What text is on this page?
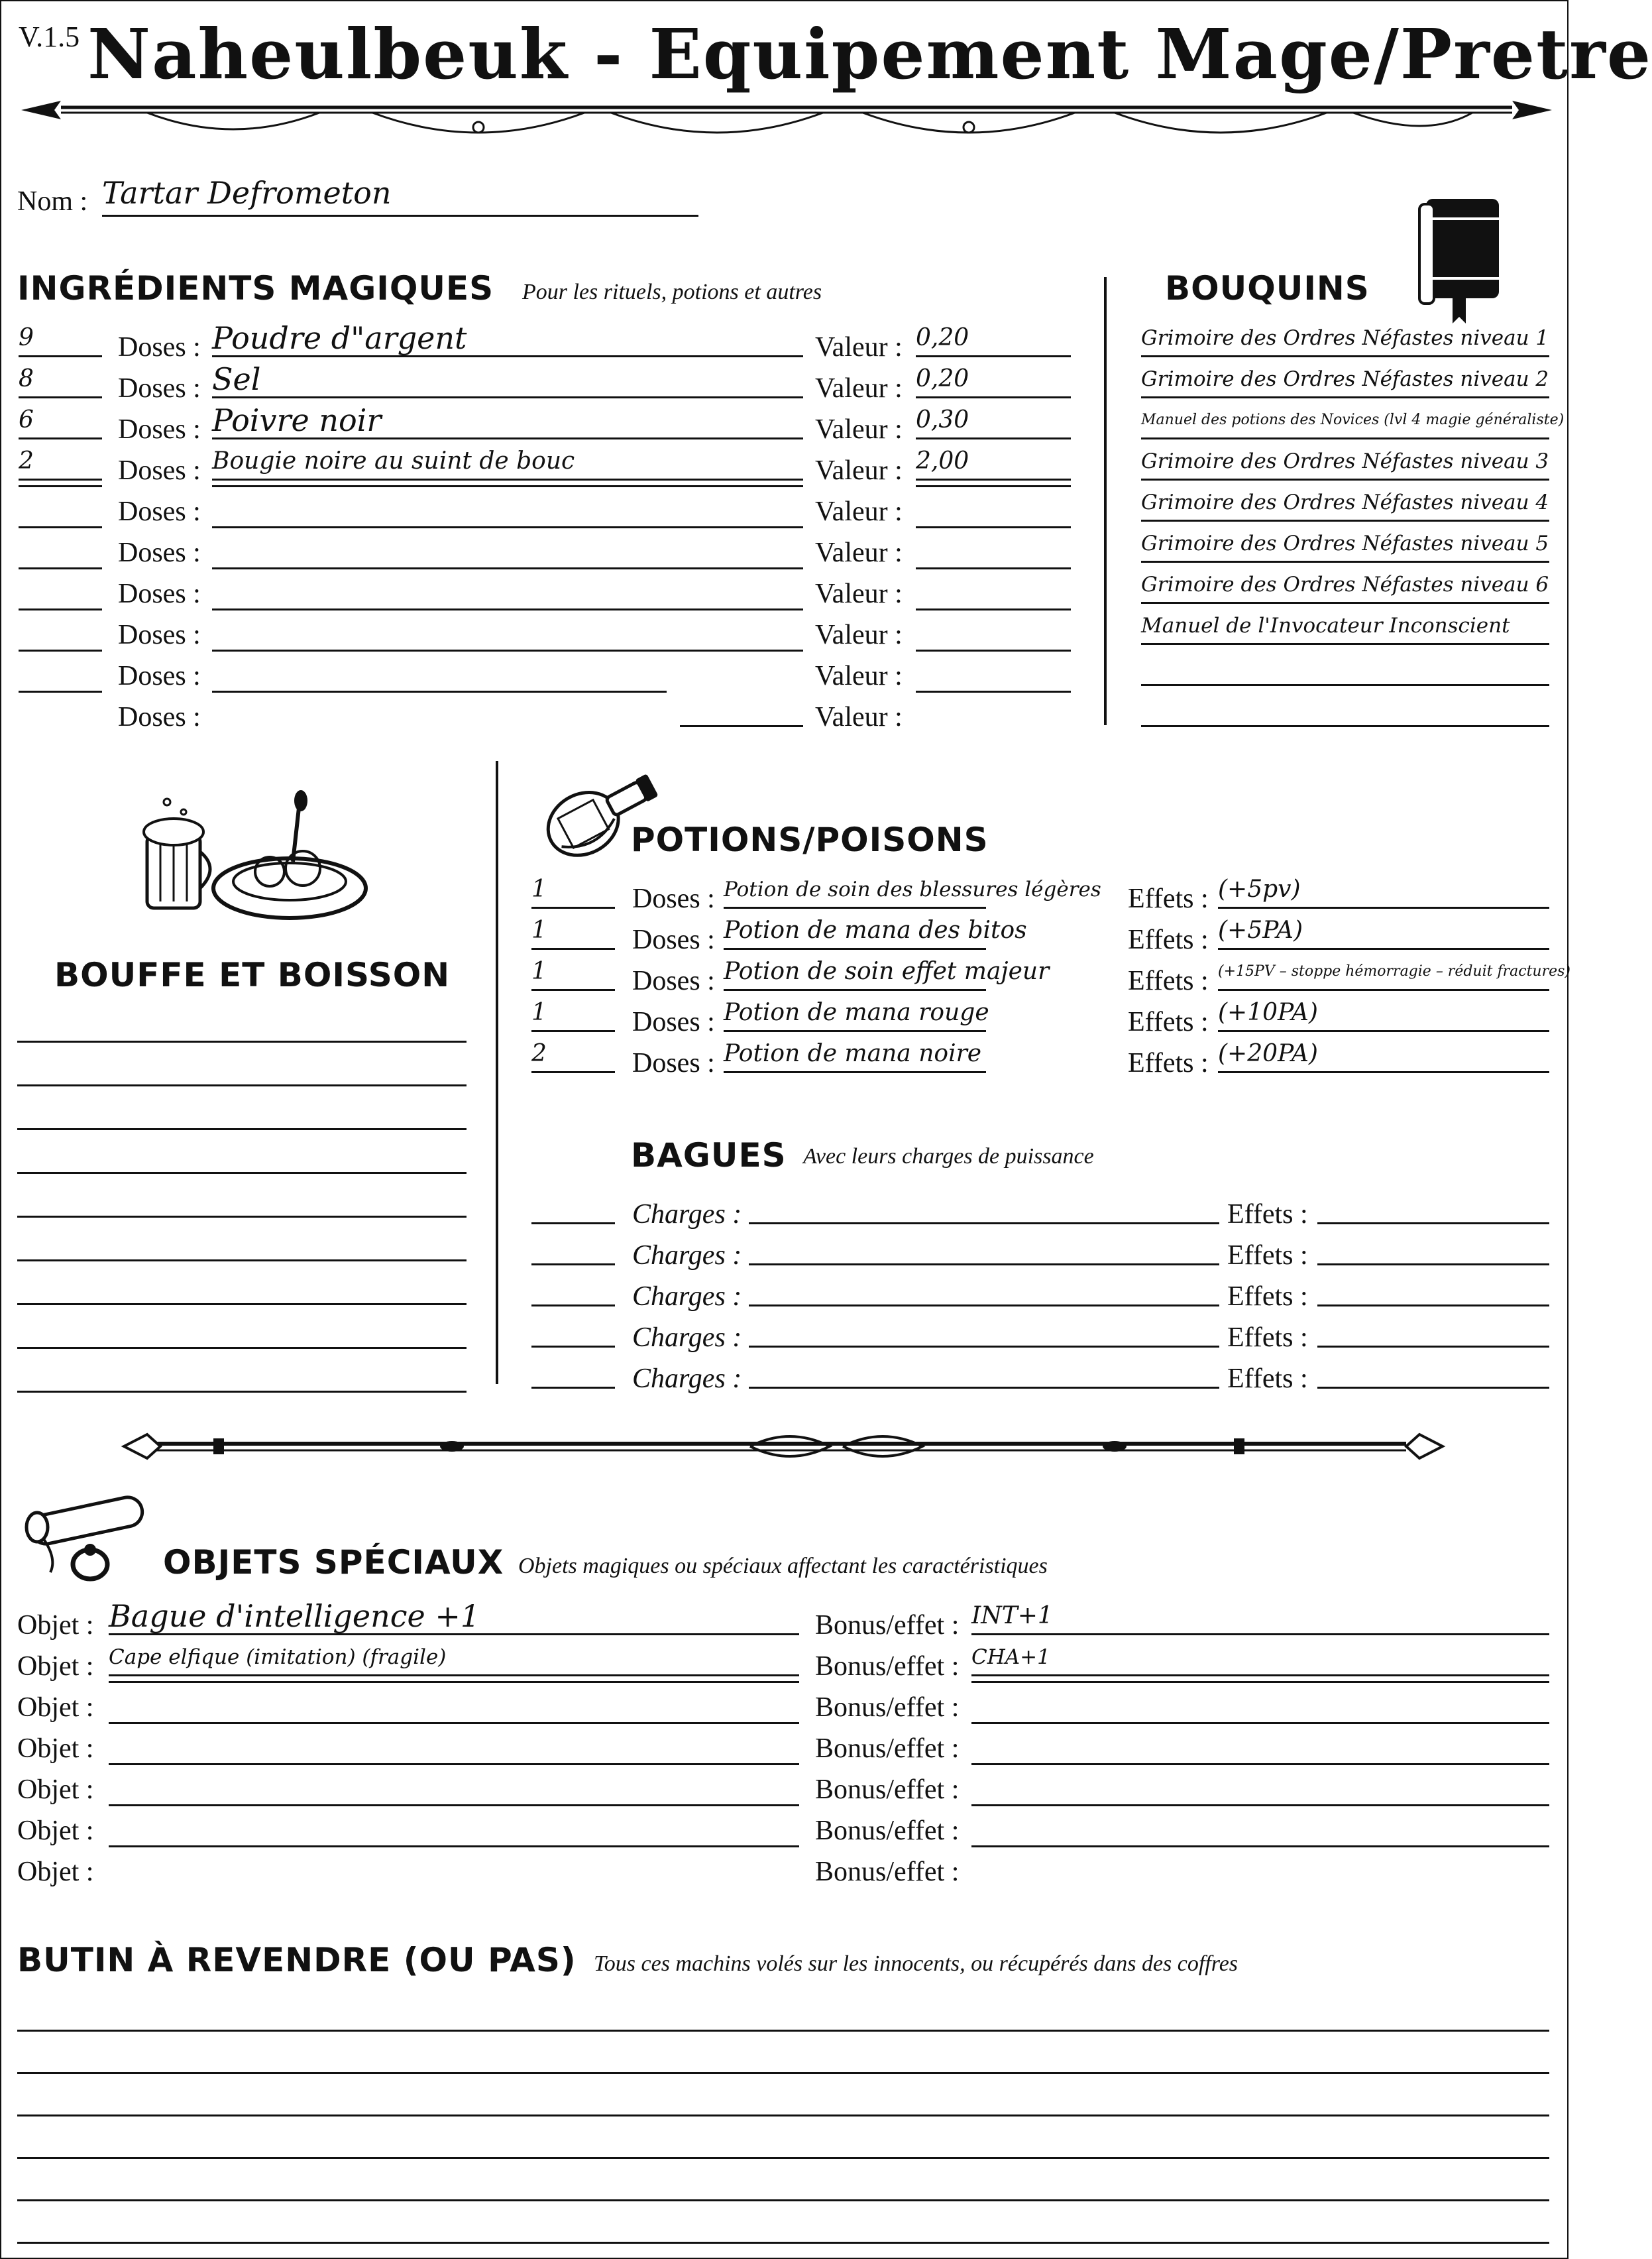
V.1.5 Naheulbeuk - Equipement Mage/Pretre
Nom : Tartar Defrometon
INGRÉDIENTS MAGIQUES Pour les rituels, potions et autres
9	Doses : Poudre d"argent	Valeur : 0,20
8	Doses : Sel	Valeur : 0,20
6	Doses : Poivre noir	Valeur : 0,30
2	Doses : Bougie noire au suint de bouc	Valeur : 2,00
Doses :	Valeur :
Doses :	Valeur :
Doses :	Valeur :
Doses :	Valeur :
Doses :	Valeur :
Doses :	Valeur :
BOUQUINS
Grimoire des Ordres Néfastes niveau 1
Grimoire des Ordres Néfastes niveau 2
Manuel des potions des Novices (lvl 4 magie généraliste)
Grimoire des Ordres Néfastes niveau 3
Grimoire des Ordres Néfastes niveau 4
Grimoire des Ordres Néfastes niveau 5
Grimoire des Ordres Néfastes niveau 6
Manuel de l'Invocateur Inconscient
BOUFFE ET BOISSON
POTIONS/POISONS
1	Doses : Potion de soin des blessures légères Effets : (+5pv)
1	Doses : Potion de mana des bitos	Effets : (+5PA)
1	Doses : Potion de soin effet majeur	Effets : (+15PV – stoppe hémorragie – réduit fractures)
1	Doses : Potion de mana rouge	Effets : (+10PA)
2	Doses : Potion de mana noire	Effets : (+20PA)
BAGUES Avec leurs charges de puissance
Charges :	Effets :
Charges :	Effets :
Charges :	Effets :
Charges :	Effets :
Charges :	Effets :
OBJETS SPÉCIAUX Objets magiques ou spéciaux affectant les caractéristiques
Objet : Bague d'intelligence +1	Bonus/effet : INT+1
Objet : Cape elfique (imitation) (fragile)	Bonus/effet : CHA+1
Objet :	Bonus/effet :
Objet :	Bonus/effet :
Objet :	Bonus/effet :
Objet :	Bonus/effet :
Objet :	Bonus/effet :
BUTIN À REVENDRE (OU PAS) Tous ces machins volés sur les innocents, ou récupérés dans des coffres
